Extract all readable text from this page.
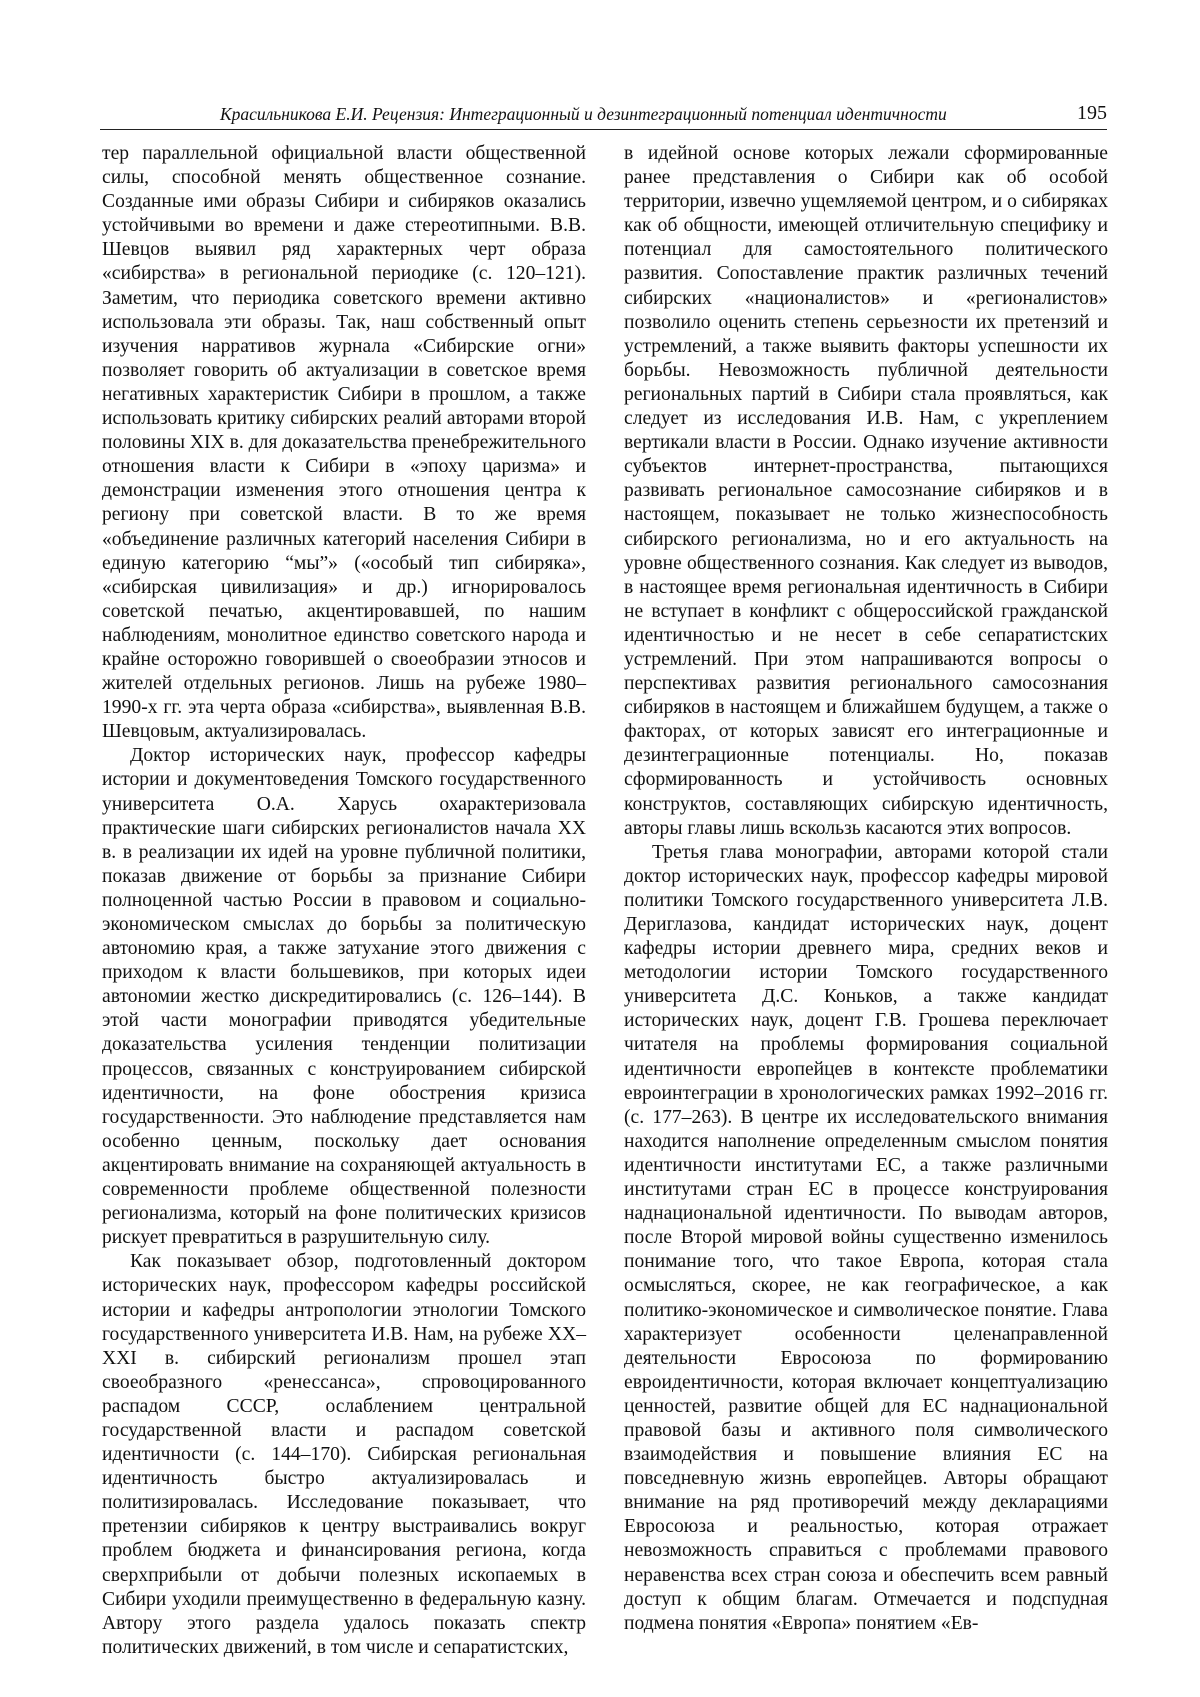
Красильникова Е.И. Рецензия: Интеграционный и дезинтеграционный потенциал идентичности	195

тер параллельной официальной власти общественной силы, способной менять общественное сознание. Созданные ими образы Сибири и сибиряков оказались устойчивыми во времени и даже стереотипными. В.В. Шевцов выявил ряд характерных черт образа «сибирства» в региональной периодике (с. 120–121). Заметим, что периодика советского времени активно использовала эти образы. Так, наш собственный опыт изучения нарративов журнала «Сибирские огни» позволяет говорить об актуализации в советское время негативных характеристик Сибири в прошлом, а также использовать критику сибирских реалий авторами второй половины XIX в. для доказательства пренебрежительного отношения власти к Сибири в «эпоху царизма» и демонстрации изменения этого отношения центра к региону при советской власти. В то же время «объединение различных категорий населения Сибири в единую категорию “мы”» («особый тип сибиряка», «сибирская цивилизация» и др.) игнорировалось советской печатью, акцентировавшей, по нашим наблюдениям, монолитное единство советского народа и крайне осторожно говорившей о своеобразии этносов и жителей отдельных регионов. Лишь на рубеже 1980–1990-х гг. эта черта образа «сибирства», выявленная В.В. Шевцовым, актуализировалась.

Доктор исторических наук, профессор кафедры истории и документоведения Томского государственного университета О.А. Харусь охарактеризовала практические шаги сибирских регионалистов начала XX в. в реализации их идей на уровне публичной политики, показав движение от борьбы за признание Сибири полноценной частью России в правовом и социально-экономическом смыслах до борьбы за политическую автономию края, а также затухание этого движения с приходом к власти большевиков, при которых идеи автономии жестко дискредитировались (с. 126–144). В этой части монографии приводятся убедительные доказательства усиления тенденции политизации процессов, связанных с конструированием сибирской идентичности, на фоне обострения кризиса государственности. Это наблюдение представляется нам особенно ценным, поскольку дает основания акцентировать внимание на сохраняющей актуальность в современности проблеме общественной полезности регионализма, который на фоне политических кризисов рискует превратиться в разрушительную силу.

Как показывает обзор, подготовленный доктором исторических наук, профессором кафедры российской истории и кафедры антропологии этнологии Томского государственного университета И.В. Нам, на рубеже XX–XXI в. сибирский регионализм прошел этап своеобразного «ренессанса», спровоцированного распадом СССР, ослаблением центральной государственной власти и распадом советской идентичности (с. 144–170). Сибирская региональная идентичность быстро актуализировалась и политизировалась. Исследование показывает, что претензии сибиряков к центру выстраивались вокруг проблем бюджета и финансирования региона, когда сверхприбыли от добычи полезных ископаемых в Сибири уходили преимущественно в федеральную казну. Автору этого раздела удалось показать спектр политических движений, в том числе и сепаратистских,

в идейной основе которых лежали сформированные ранее представления о Сибири как об особой территории, извечно ущемляемой центром, и о сибиряках как об общности, имеющей отличительную специфику и потенциал для самостоятельного политического развития. Сопоставление практик различных течений сибирских «националистов» и «регионалистов» позволило оценить степень серьезности их претензий и устремлений, а также выявить факторы успешности их борьбы. Невозможность публичной деятельности региональных партий в Сибири стала проявляться, как следует из исследования И.В. Нам, с укреплением вертикали власти в России. Однако изучение активности субъектов интернет-пространства, пытающихся развивать региональное самосознание сибиряков и в настоящем, показывает не только жизнеспособность сибирского регионализма, но и его актуальность на уровне общественного сознания. Как следует из выводов, в настоящее время региональная идентичность в Сибири не вступает в конфликт с общероссийской гражданской идентичностью и не несет в себе сепаратистских устремлений. При этом напрашиваются вопросы о перспективах развития регионального самосознания сибиряков в настоящем и ближайшем будущем, а также о факторах, от которых зависят его интеграционные и дезинтеграционные потенциалы. Но, показав сформированность и устойчивость основных конструктов, составляющих сибирскую идентичность, авторы главы лишь вскользь касаются этих вопросов.

Третья глава монографии, авторами которой стали доктор исторических наук, профессор кафедры мировой политики Томского государственного университета Л.В. Дериглазова, кандидат исторических наук, доцент кафедры истории древнего мира, средних веков и методологии истории Томского государственного университета Д.С. Коньков, а также кандидат исторических наук, доцент Г.В. Грошева переключает читателя на проблемы формирования социальной идентичности европейцев в контексте проблематики евроинтеграции в хронологических рамках 1992–2016 гг. (с. 177–263). В центре их исследовательского внимания находится наполнение определенным смыслом понятия идентичности институтами ЕС, а также различными институтами стран ЕС в процессе конструирования наднациональной идентичности. По выводам авторов, после Второй мировой войны существенно изменилось понимание того, что такое Европа, которая стала осмысляться, скорее, не как географическое, а как политико-экономическое и символическое понятие. Глава характеризует особенности целенаправленной деятельности Евросоюза по формированию евроидентичности, которая включает концептуализацию ценностей, развитие общей для ЕС наднациональной правовой базы и активного поля символического взаимодействия и повышение влияния ЕС на повседневную жизнь европейцев. Авторы обращают внимание на ряд противоречий между декларациями Евросоюза и реальностью, которая отражает невозможность справиться с проблемами правового неравенства всех стран союза и обеспечить всем равный доступ к общим благам. Отмечается и подспудная подмена понятия «Европа» понятием «Ев-
